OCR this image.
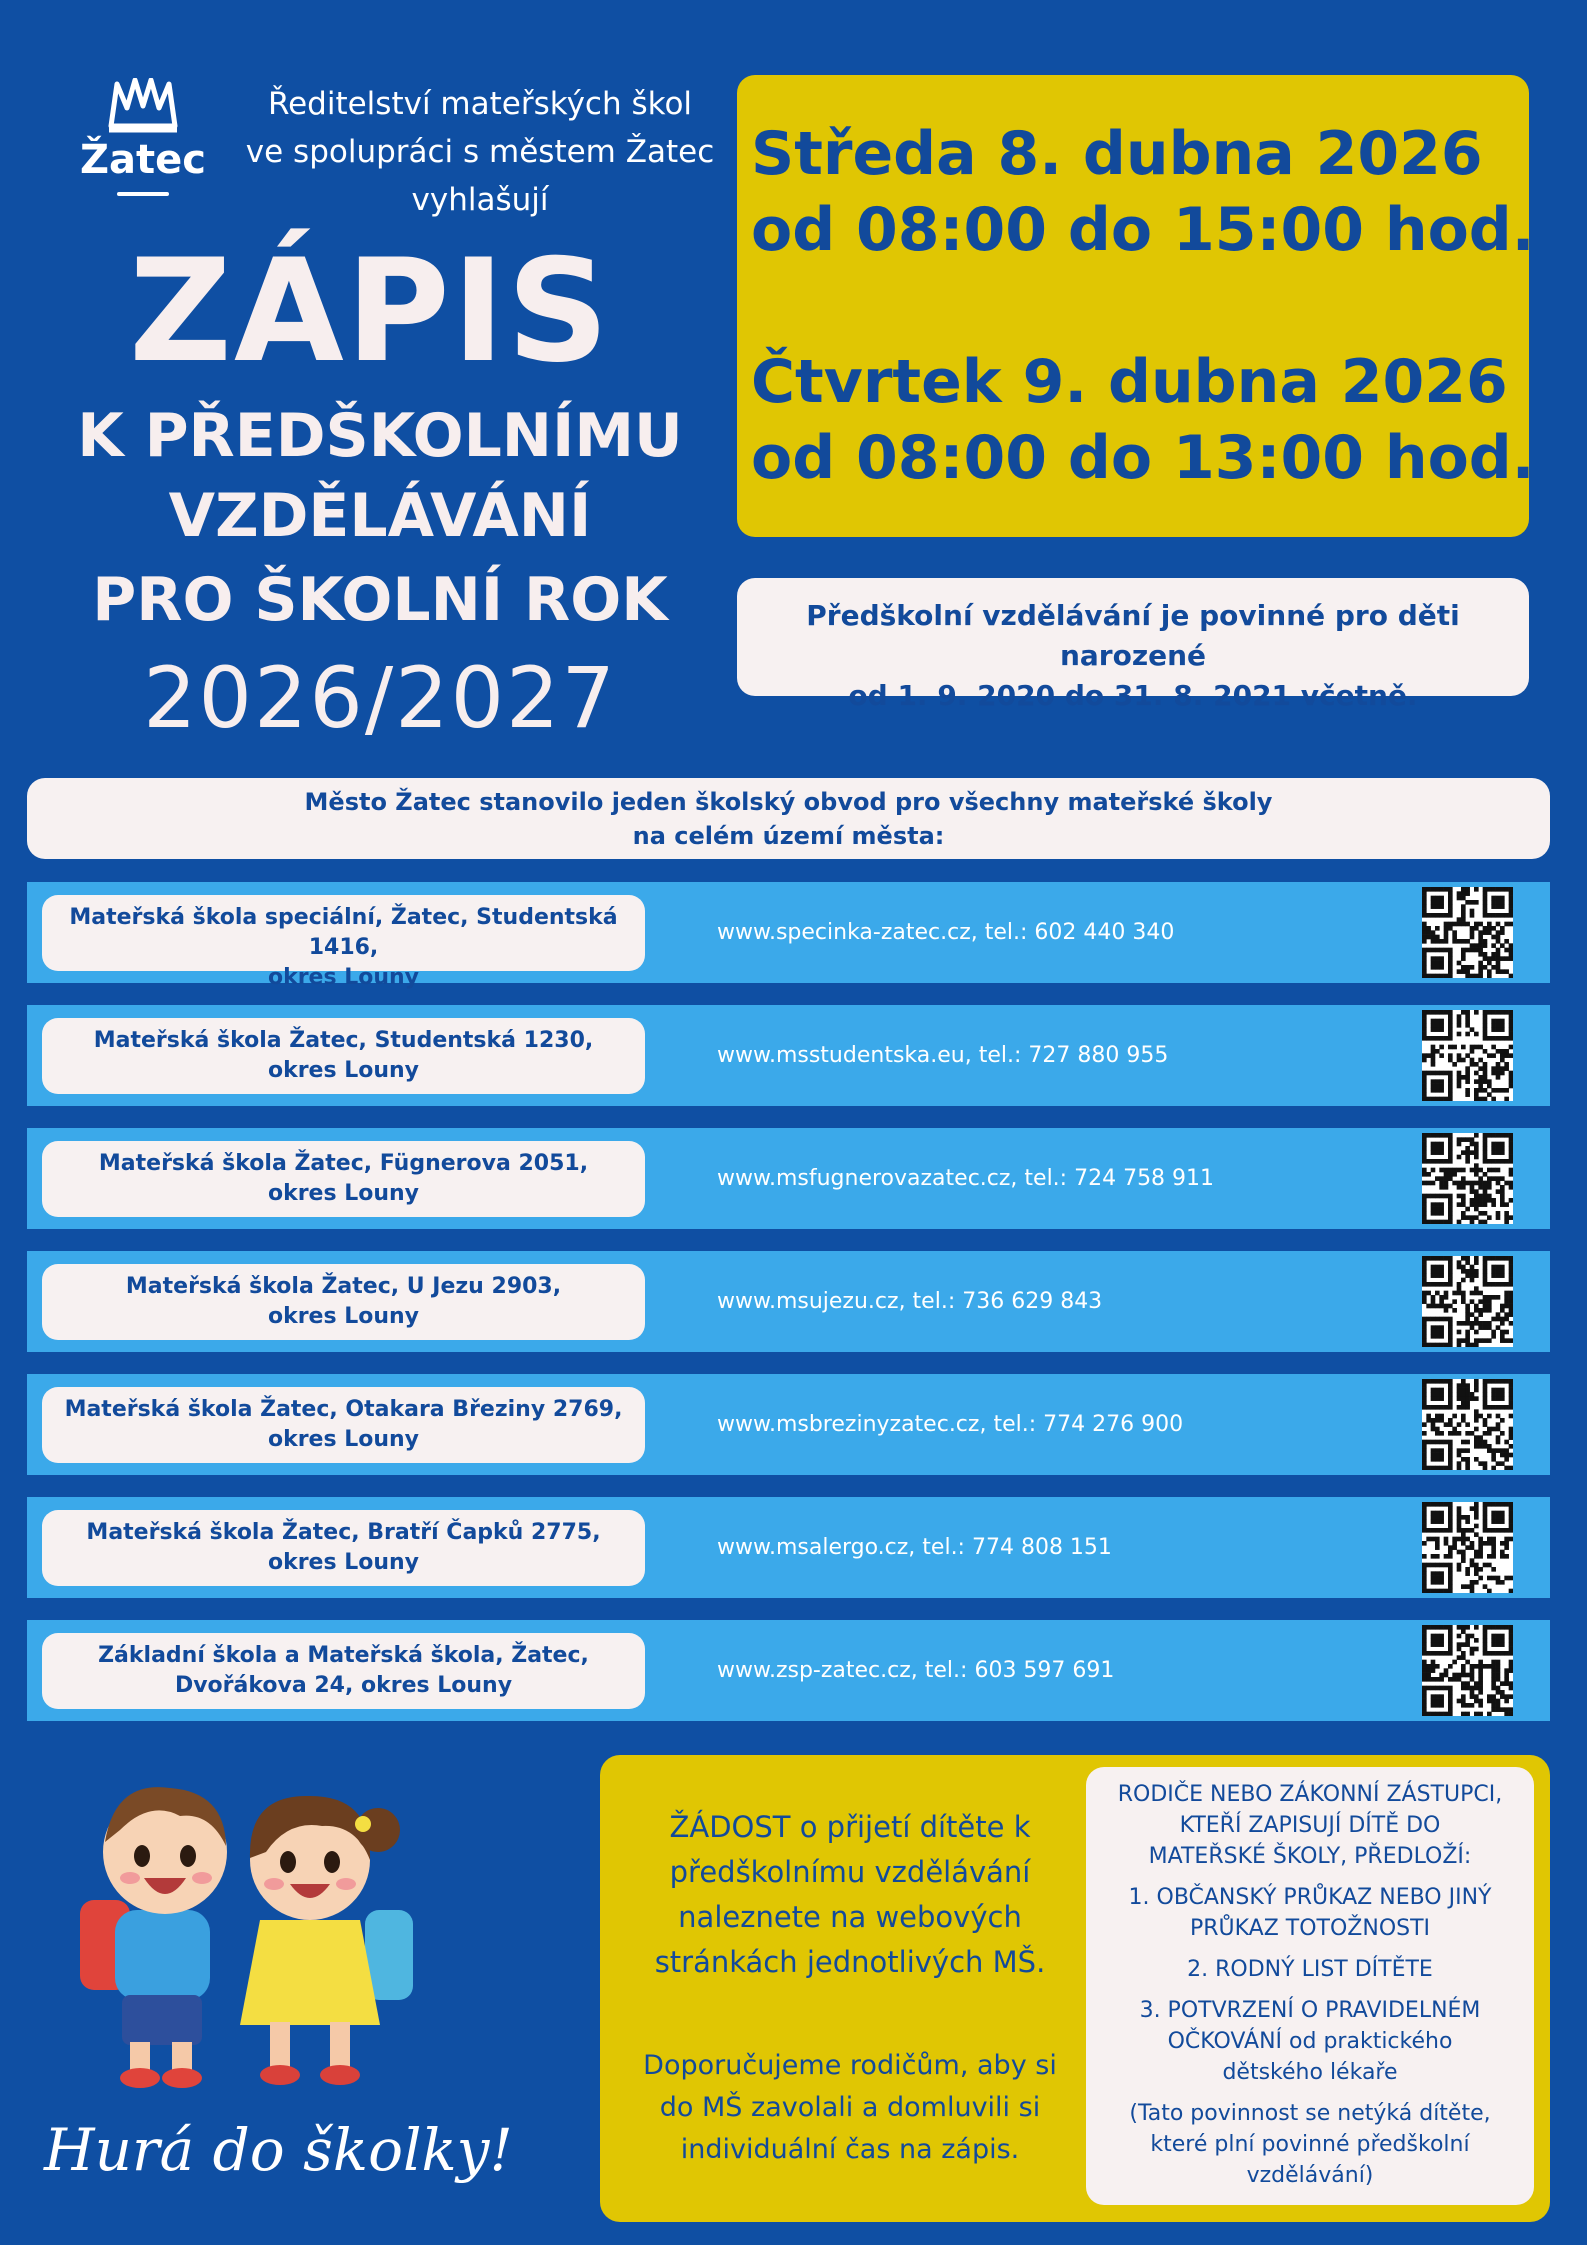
Žatec
Ředitelství mateřských škol
ve spolupráci s městem Žatec
vyhlašují
ZÁPIS
K PŘEDŠKOLNÍMU
VZDĚLÁVÁNÍ
PRO ŠKOLNÍ ROK
2026/2027
Středa 8. dubna 2026
od 08:00 do 15:00 hod.
Čtvrtek 9. dubna 2026
od 08:00 do 13:00 hod.
Předškolní vzdělávání je povinné pro děti narozené
od 1. 9. 2020 do 31. 8. 2021 včetně.
Město Žatec stanovilo jeden školský obvod pro všechny mateřské školy
na celém území města:
Mateřská škola speciální, Žatec, Studentská 1416,
okres Louny
www.specinka-zatec.cz, tel.: 602 440 340
Mateřská škola Žatec, Studentská 1230,
okres Louny
www.msstudentska.eu, tel.: 727 880 955
Mateřská škola Žatec, Fügnerova 2051,
okres Louny
www.msfugnerovazatec.cz, tel.: 724 758 911
Mateřská škola Žatec, U Jezu 2903,
okres Louny
www.msujezu.cz, tel.: 736 629 843
Mateřská škola Žatec, Otakara Březiny 2769,
okres Louny
www.msbrezinyzatec.cz, tel.: 774 276 900
Mateřská škola Žatec, Bratří Čapků 2775,
okres Louny
www.msalergo.cz, tel.: 774 808 151
Základní škola a Mateřská škola, Žatec,
Dvořákova 24, okres Louny
www.zsp-zatec.cz, tel.: 603 597 691
Hurá do školky!
ŽÁDOST o přijetí dítěte k
předškolnímu vzdělávání
naleznete na webových
stránkách jednotlivých MŠ.
Doporučujeme rodičům, aby si
do MŠ zavolali a domluvili si
individuální čas na zápis.

RODIČE NEBO ZÁKONNÍ ZÁSTUPCI,
KTEŘÍ ZAPISUJÍ DÍTĚ DO
MATEŘSKÉ ŠKOLY, PŘEDLOŽÍ:

1. OBČANSKÝ PRŮKAZ NEBO JINÝ
PRŮKAZ TOTOŽNOSTI

2. RODNÝ LIST DÍTĚTE

3. POTVRZENÍ O PRAVIDELNÉM
OČKOVÁNÍ od praktického
dětského lékaře

(Tato povinnost se netýká dítěte,
které plní povinné předškolní
vzdělávání)
